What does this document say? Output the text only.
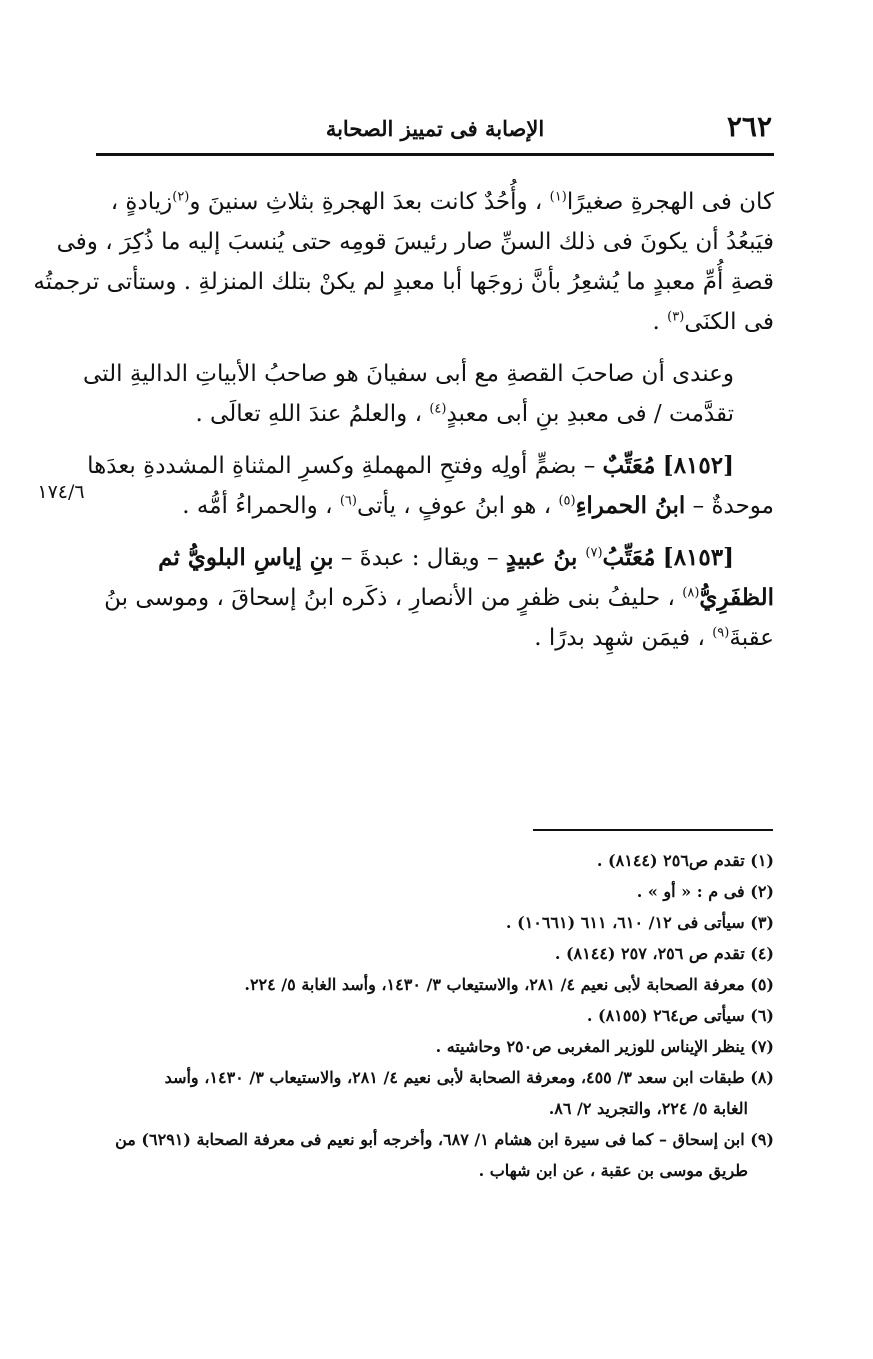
٢٦٢
الإصابة فى تمييز الصحابة
١٧٤/٦

كان فى الهجرةِ صغيرًا$^{(١)}$ ، وأُحُدٌ كانت بعدَ الهجرةِ بثلاثِ سنينَ و$^{(٢)}$زيادةٍ ،
فيَبعُدُ أن يكونَ فى ذلك السنِّ صار رئيسَ قومِه حتى يُنسبَ إليه ما ذُكِرَ ، وفى
قصةِ أُمِّ معبدٍ ما يُشعِرُ بأنَّ زوجَها أبا معبدٍ لم يكنْ بتلك المنزلةِ . وستأتى ترجمتُه
فى الكنَى$^{(٣)}$ .

وعندى أن صاحبَ القصةِ مع أبى سفيانَ هو صاحبُ الأبياتِ الداليةِ التى
تقدَّمت / فى معبدِ بنِ أبى معبدٍ$^{(٤)}$ ، والعلمُ عندَ اللهِ تعالَى .

[٨١٥٢] مُعَتِّبٌ – بضمٍّ أولِه وفتحِ المهملةِ وكسرِ المثناةِ المشددةِ بعدَها
موحدةٌ – ابنُ الحمراءِ$^{(٥)}$ ، هو ابنُ عوفٍ ، يأتى$^{(٦)}$ ، والحمراءُ أمُّه .

[٨١٥٣] مُعَتِّبُ$^{(٧)}$ بنُ عبيدٍ – ويقال : عبدةَ – بنِ إياسِ البلويُّ ثم
الظفَرِيُّ$^{(٨)}$ ، حليفُ بنى ظفرٍ من الأنصارِ ، ذكَره ابنُ إسحاقَ ، وموسى بنُ
عقبةَ$^{(٩)}$ ، فيمَن شهِد بدرًا .

(١) تقدم ص٢٥٦ (٨١٤٤) .
(٢) فى م : « أو » .
(٣) سيأتى فى ١٢/ ٦١٠، ٦١١ (١٠٦٦١) .
(٤) تقدم ص ٢٥٦، ٢٥٧ (٨١٤٤) .
(٥) معرفة الصحابة لأبى نعيم ٤/ ٢٨١، والاستيعاب ٣/ ١٤٣٠، وأسد الغابة ٥/ ٢٢٤.
(٦) سيأتى ص٢٦٤ (٨١٥٥) .
(٧) ينظر الإيناس للوزير المغربى ص٢٥٠ وحاشيته .
(٨) طبقات ابن سعد ٣/ ٤٥٥، ومعرفة الصحابة لأبى نعيم ٤/ ٢٨١، والاستيعاب ٣/ ١٤٣٠، وأسد
الغابة ٥/ ٢٢٤، والتجريد ٢/ ٨٦.
(٩) ابن إسحاق – كما فى سيرة ابن هشام ١/ ٦٨٧، وأخرجه أبو نعيم فى معرفة الصحابة (٦٢٩١) من
طريق موسى بن عقبة ، عن ابن شهاب .
